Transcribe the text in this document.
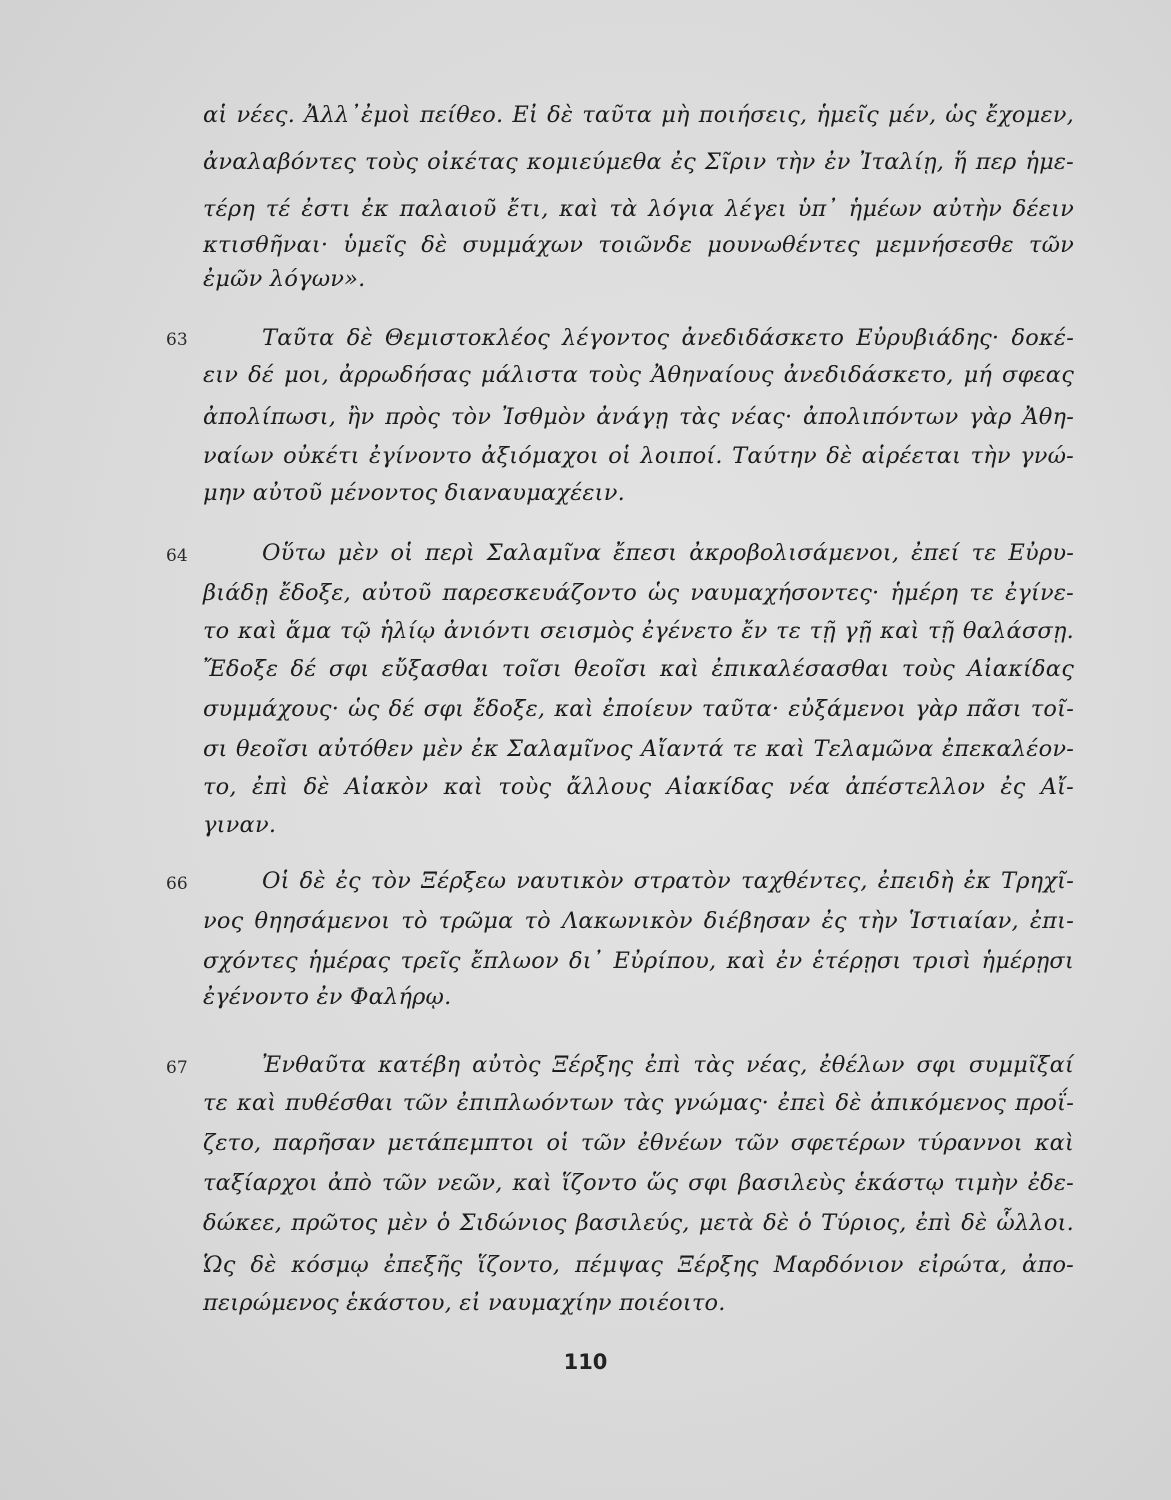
αἱ νέες. Ἀλλ᾽ἐμοὶ πείθεο. Εἰ δὲ ταῦτα μὴ ποιήσεις, ἡμεῖς μέν, ὡς ἔχομεν,
ἀναλαβόντες τοὺς οἰκέτας κομιεύμεθα ἐς Σῖριν τὴν ἐν Ἰταλίῃ, ἥ περ ἡμε-
τέρη τέ ἐστι ἐκ παλαιοῦ ἔτι, καὶ τὰ λόγια λέγει ὑπ᾽ ἡμέων αὐτὴν δέειν
κτισθῆναι· ὑμεῖς δὲ συμμάχων τοιῶνδε μουνωθέντες μεμνήσεσθε τῶν
ἐμῶν λόγων».
63	Ταῦτα δὲ Θεμιστοκλέος λέγοντος ἀνεδιδάσκετο Εὐρυβιάδης· δοκέ-
ειν δέ μοι, ἀρρωδήσας μάλιστα τοὺς Ἀθηναίους ἀνεδιδάσκετο, μή σφεας
ἀπολίπωσι, ἢν πρὸς τὸν Ἰσθμὸν ἀνάγῃ τὰς νέας· ἀπολιπόντων γὰρ Ἀθη-
ναίων οὐκέτι ἐγίνοντο ἀξιόμαχοι οἱ λοιποί. Ταύτην δὲ αἱρέεται τὴν γνώ-
μην αὐτοῦ μένοντος διαναυμαχέειν.
64	Οὕτω μὲν οἱ περὶ Σαλαμῖνα ἔπεσι ἀκροβολισάμενοι, ἐπεί τε Εὐρυ-
βιάδῃ ἔδοξε, αὐτοῦ παρεσκευάζοντο ὡς ναυμαχήσοντες· ἡμέρη τε ἐγίνε-
το καὶ ἅμα τῷ ἡλίῳ ἀνιόντι σεισμὸς ἐγένετο ἔν τε τῇ γῇ καὶ τῇ θαλάσσῃ.
Ἔδοξε δέ σφι εὔξασθαι τοῖσι θεοῖσι καὶ ἐπικαλέσασθαι τοὺς Αἰακίδας
συμμάχους· ὡς δέ σφι ἔδοξε, καὶ ἐποίευν ταῦτα· εὐξάμενοι γὰρ πᾶσι τοῖ-
σι θεοῖσι αὐτόθεν μὲν ἐκ Σαλαμῖνος Αἴαντά τε καὶ Τελαμῶνα ἐπεκαλέον-
το, ἐπὶ δὲ Αἰακὸν καὶ τοὺς ἄλλους Αἰακίδας νέα ἀπέστελλον ἐς Αἴ-
γιναν.
66	Οἱ δὲ ἐς τὸν Ξέρξεω ναυτικὸν στρατὸν ταχθέντες, ἐπειδὴ ἐκ Τρηχῖ-
νος θηησάμενοι τὸ τρῶμα τὸ Λακωνικὸν διέβησαν ἐς τὴν Ἱστιαίαν, ἐπι-
σχόντες ἡμέρας τρεῖς ἔπλωον δι᾽ Εὐρίπου, καὶ ἐν ἑτέρῃσι τρισὶ ἡμέρῃσι
ἐγένοντο ἐν Φαλήρῳ.
67	Ἐνθαῦτα κατέβη αὐτὸς Ξέρξης ἐπὶ τὰς νέας, ἐθέλων σφι συμμῖξαί
τε καὶ πυθέσθαι τῶν ἐπιπλωόντων τὰς γνώμας· ἐπεὶ δὲ ἀπικόμενος προΐ-
ζετο, παρῆσαν μετάπεμπτοι οἱ τῶν ἐθνέων τῶν σφετέρων τύραννοι καὶ
ταξίαρχοι ἀπὸ τῶν νεῶν, καὶ ἵζοντο ὥς σφι βασιλεὺς ἑκάστῳ τιμὴν ἐδε-
δώκεε, πρῶτος μὲν ὁ Σιδώνιος βασιλεύς, μετὰ δὲ ὁ Τύριος, ἐπὶ δὲ ὧλλοι.
Ὡς δὲ κόσμῳ ἐπεξῆς ἵζοντο, πέμψας Ξέρξης Μαρδόνιον εἰρώτα, ἀπο-
πειρώμενος ἑκάστου, εἰ ναυμαχίην ποιέοιτο.
110
